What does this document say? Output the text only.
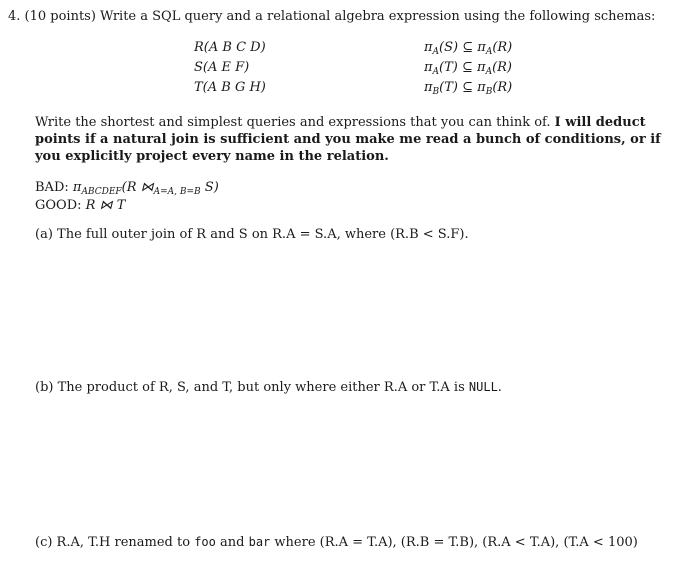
4. (10 points) Write a SQL query and a relational algebra expression using the following schemas:
R(A B C D)
S(A E F)
T(A B G H)
$\pi_A(S)$ ⊆ $\pi_A(R)$
$\pi_A(T)$ ⊆ $\pi_A(R)$
$\pi_B(T)$ ⊆ $\pi_B(R)$
Write the shortest and simplest queries and expressions that you can think of. I will deduct points if a natural join is sufficient and you make me read a bunch of conditions, or if you explicitly project every name in the relation.
BAD: $\pi_{ABCDEF}(R$ $⋈_{A=A, B=B}$ S)
GOOD: R ⋈ T
(a) The full outer join of R and S on R.A = S.A, where (R.B < S.F).
(b) The product of R, S, and T, but only where either R.A or T.A is NULL.
(c) R.A, T.H renamed to foo and bar where (R.A = T.A), (R.B = T.B), (R.A < T.A), (T.A < 100)
